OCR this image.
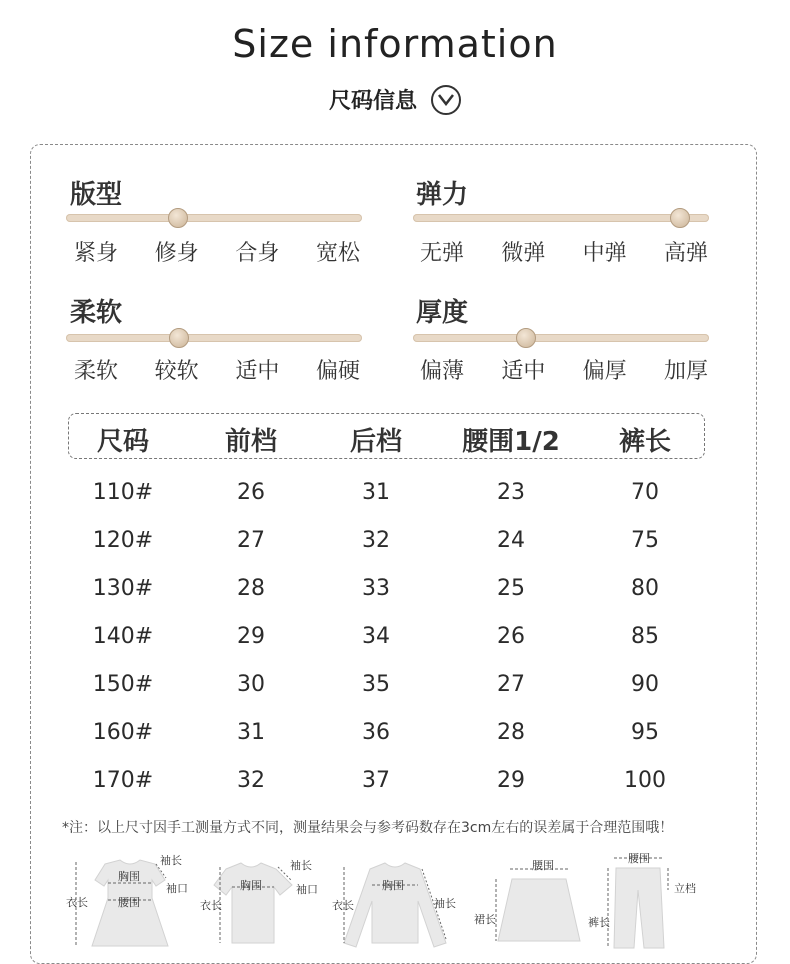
Size information
尺码信息
版型
紧身 修身 合身 宽松
弹力
无弹 微弹 中弹 高弹
柔软
柔软 较软 适中 偏硬
厚度
偏薄 适中 偏厚 加厚
尺码	前档	后档	腰围1/2	裤长
110#	26	31	23	70
120#	27	32	24	75
130#	28	33	25	80
140#	29	34	26	85
150#	30	35	27	90
160#	31	36	28	95
170#	32	37	29	100
*注：以上尺寸因手工测量方式不同，测量结果会与参考码数存在3cm左右的误差属于合理范围哦！
衣长
胸围
腰围
袖长
袖口
衣长
胸围
袖长
袖口
衣长
胸围
袖长
腰围
裙长
腰围
立档
裤长
